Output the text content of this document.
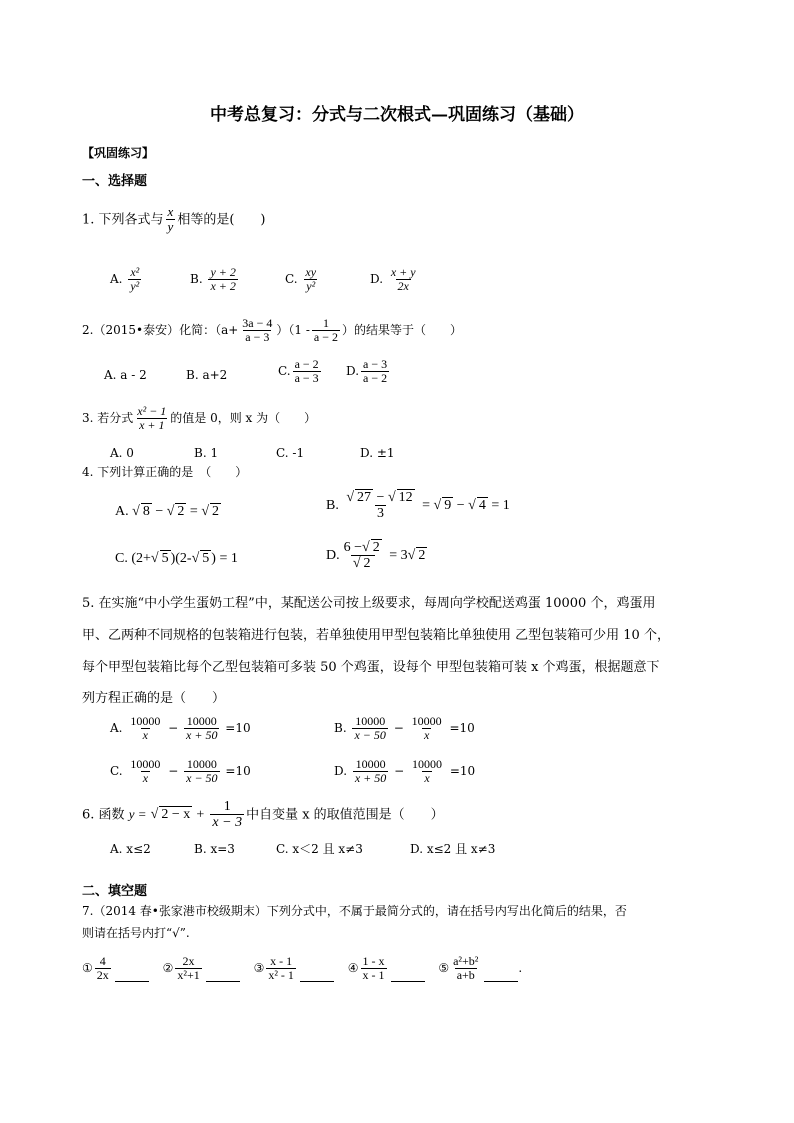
中考总复习：分式与二次根式—巩固练习（基础）
【巩固练习】
一、选择题
1. 下列各式与 $\frac{x}{y}$ 相等的是(　　)
A. $\frac{\text{x²}}{\text{y²}}$	B. $\frac{y + 2}{x + 2}$	C. $\frac{xy}{\text{y²}}$	D. $\frac{x + y}{2x}$
2.（2015•泰安）化简：$(a+ \frac{3a - 4}{a - 3} )(1 - \frac{1}{a - 2}$ ）的结果等于（　　）
A. a - 2	B. a+2	C. $\frac{a - 2}{a - 3} D$. $\frac{a - 3}{a - 2}$
3. 若分式 $\frac{\text{x² − 1}}{x + 1}$ 的值是 0，则 x 为（　　）
A. 0	B. 1	C. -1	D. ±1
4. 下列计算正确的是　（　　）
A. √ 8 − √ 2 = √ 2	B. √ $\frac{27 - √ 12}{3}$ = √ 9 − √ 4 = 1
C. (2+ √ 5 )(2- √ 5 ) = 1	D. 6 − √ 2
√ 2 = 3 √ 2
5. 在实施“中小学生蛋奶工程”中，某配送公司按上级要求，每周向学校配送鸡蛋 10000 个，鸡蛋用
甲、乙两种不同规格的包装箱进行包装，若单独使用甲型包装箱比单独使用 乙型包装箱可少用 10 个，
每个甲型包装箱比每个乙型包装箱可多装 50 个鸡蛋，设每个 甲型包装箱可装 x 个鸡蛋，根据题意下
列方程正确的是（　　）
A. $\frac{10000}{x} - \frac{10000}{x + 50} =10$	B. $\frac{10000}{x - 50} - \frac{10000}{x} =10$
C. $\frac{10000}{x} - \frac{10000}{x - 50} =10$	D. $\frac{10000}{x + 50} - \frac{10000}{x} =10$
6. 函数 y = √ $2 - x + \frac{1}{x - 3}$ 中自变量 x 的取值范围是（　　）
A. x≤2	B. x=3	C. x＜2 且 x≠3	D. x≤2 且 x≠3
二、填空题
7.（2014 春•张家港市校级期末）下列分式中，不属于最简分式的，请在括号内写出化简后的结果，否
则请在括号内打“√”.
① $\frac{4}{2x}$	② $\frac{2x}{\text{x²+1}}$	③ $\frac{x - 1}{\text{x² - 1}}$	④ $\frac{1 - x}{x - 1}$	⑤ $\frac{\text{a²+b²}}{a+b}$	.
